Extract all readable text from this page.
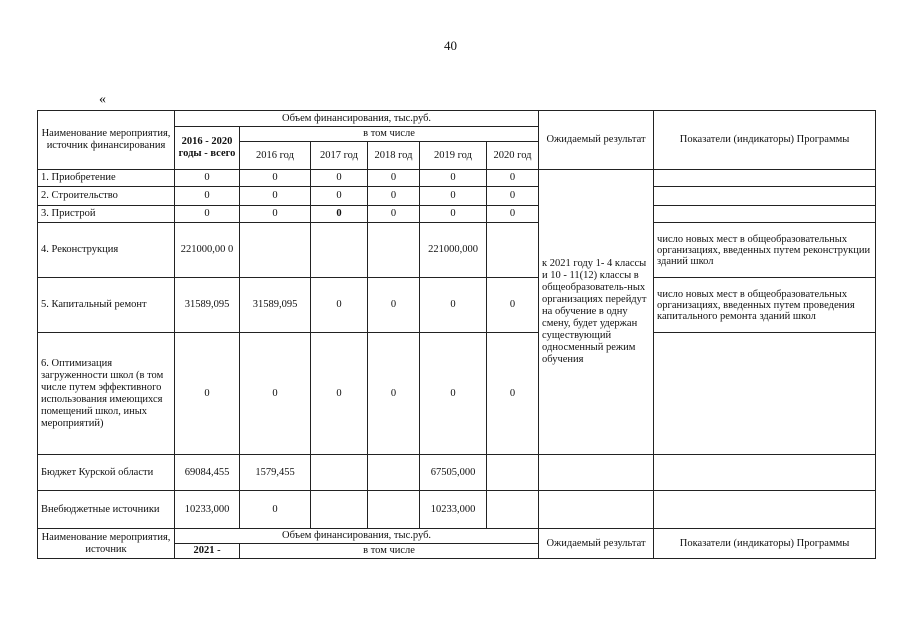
40
«
Наименование мероприятия, источник финансирования	Объем финансирования, тыс.руб.						Ожидаемый результат	Показатели (индикаторы) Программы
	2016 - 2020 годы - всего	в том числе						
		2016 год	2017 год	2018 год	2019 год	2020 год		
1. Приобретение	0	0	0	0	0	0	к 2021 году 1- 4 классы и 10 - 11(12) классы в общеобразователь-ных организациях перейдут на обучение в одну смену, будет удержан существующий односменный режим обучения	
2. Строительство	0	0	0	0	0	0		
3. Пристрой	0	0	0	0	0	0		
4. Реконструкция	221000,00 0				221000,000			число новых мест в общеобразовательных организациях, введенных путем реконструкции зданий школ
5. Капитальный ремонт	31589,095	31589,095	0	0	0	0		число новых мест в общеобразовательных организациях, введенных путем проведения капитального ремонта зданий школ
6. Оптимизация загруженности школ (в том числе путем эффективного использования имеющихся помещений школ, иных мероприятий)	0	0	0	0	0	0		
Бюджет Курской области	69084,455	1579,455			67505,000			
Внебюджетные источники	10233,000	0			10233,000			
Наименование мероприятия, источник	Объем финансирования, тыс.руб.						Ожидаемый результат	Показатели (индикаторы) Программы
	2021 -	в том числе						
